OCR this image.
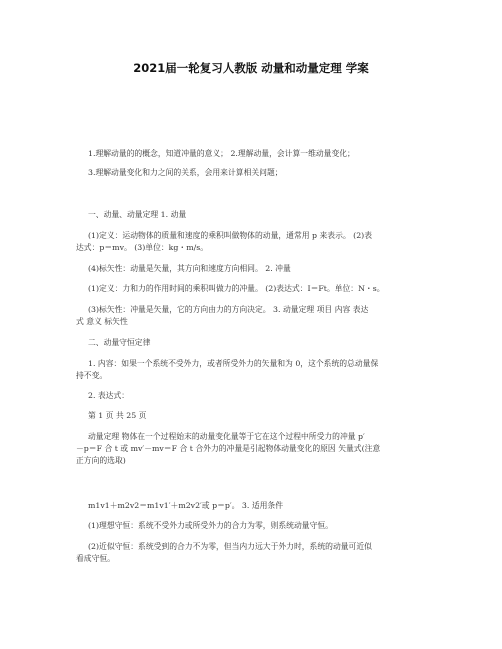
2021届一轮复习人教版 动量和动量定理 学案
1.理解动量的的概念，知道冲量的意义； 2.理解动量，会计算一维动量变化；
3.理解动量变化和力之间的关系，会用来计算相关问题；
一、动量、动量定理 1. 动量
(1)定义：运动物体的质量和速度的乘积叫做物体的动量，通常用 p 来表示。 (2)表
达式：p＝mv。 (3)单位：kg・m/s。
(4)标矢性：动量是矢量，其方向和速度方向相同。 2. 冲量
(1)定义：力和力的作用时间的乘积叫做力的冲量。 (2)表达式：I＝Ft。单位：N・s。
(3)标矢性：冲量是矢量，它的方向由力的方向决定。 3. 动量定理 项目 内容 表达
式 意义 标矢性
二、动量守恒定律
1. 内容：如果一个系统不受外力，或者所受外力的矢量和为 0，这个系统的总动量保
持不变。
2. 表达式：
第 1 页 共 25 页
动量定理 物体在一个过程始末的动量变化量等于它在这个过程中所受力的冲量 p′
－p＝F 合 t 或 mv′－mv＝F 合 t 合外力的冲量是引起物体动量变化的原因 矢量式(注意
正方向的选取)
m1v1＋m2v2＝m1v1′＋m2v2′或 p＝p′。 3. 适用条件
(1)理想守恒：系统不受外力或所受外力的合力为零，则系统动量守恒。
(2)近似守恒：系统受到的合力不为零，但当内力远大于外力时，系统的动量可近似
看成守恒。
